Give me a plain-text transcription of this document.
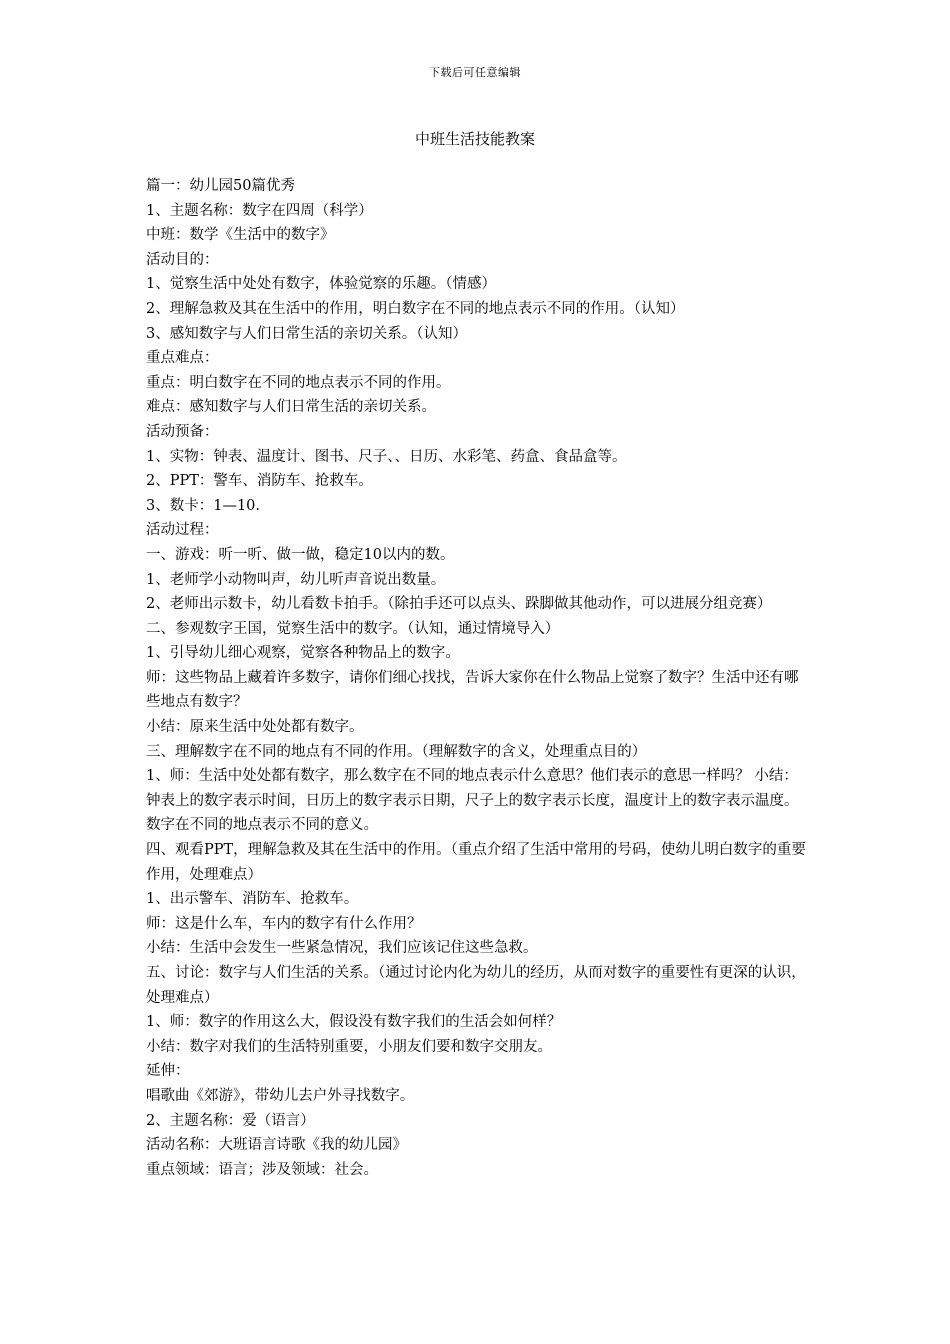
下载后可任意编辑
中班生活技能教案
篇一：幼儿园50篇优秀
1、主题名称：数字在四周（科学）
中班：数学《生活中的数字》
活动目的：
1、觉察生活中处处有数字，体验觉察的乐趣。（情感）
2、理解急救及其在生活中的作用，明白数字在不同的地点表示不同的作用。（认知）
3、感知数字与人们日常生活的亲切关系。（认知）
重点难点：
重点：明白数字在不同的地点表示不同的作用。
难点：感知数字与人们日常生活的亲切关系。
活动预备：
1、实物：钟表、温度计、图书、尺子、、日历、水彩笔、药盒、食品盒等。
2、PPT：警车、消防车、抢救车。
3、数卡：1—10.
活动过程：
一、游戏：听一听、做一做，稳定10以内的数。
1、老师学小动物叫声，幼儿听声音说出数量。
2、老师出示数卡，幼儿看数卡拍手。（除拍手还可以点头、跺脚做其他动作，可以进展分组竞赛）
二、参观数字王国，觉察生活中的数字。（认知，通过情境导入）
1、引导幼儿细心观察，觉察各种物品上的数字。
师：这些物品上藏着许多数字，请你们细心找找，告诉大家你在什么物品上觉察了数字？生活中还有哪些地点有数字？
小结：原来生活中处处都有数字。
三、理解数字在不同的地点有不同的作用。（理解数字的含义，处理重点目的）
1、师：生活中处处都有数字，那么数字在不同的地点表示什么意思？他们表示的意思一样吗？ 小结：钟表上的数字表示时间，日历上的数字表示日期，尺子上的数字表示长度，温度计上的数字表示温度。数字在不同的地点表示不同的意义。
四、观看PPT，理解急救及其在生活中的作用。（重点介绍了生活中常用的号码，使幼儿明白数字的重要作用，处理难点）
1、出示警车、消防车、抢救车。
师：这是什么车，车内的数字有什么作用？
小结：生活中会发生一些紧急情况，我们应该记住这些急救。
五、讨论：数字与人们生活的关系。（通过讨论内化为幼儿的经历，从而对数字的重要性有更深的认识，处理难点）
1、师：数字的作用这么大，假设没有数字我们的生活会如何样？
小结：数字对我们的生活特别重要，小朋友们要和数字交朋友。
延伸：
唱歌曲《郊游》，带幼儿去户外寻找数字。
2、主题名称：爱（语言）
活动名称：大班语言诗歌《我的幼儿园》
重点领域：语言；涉及领域：社会。
